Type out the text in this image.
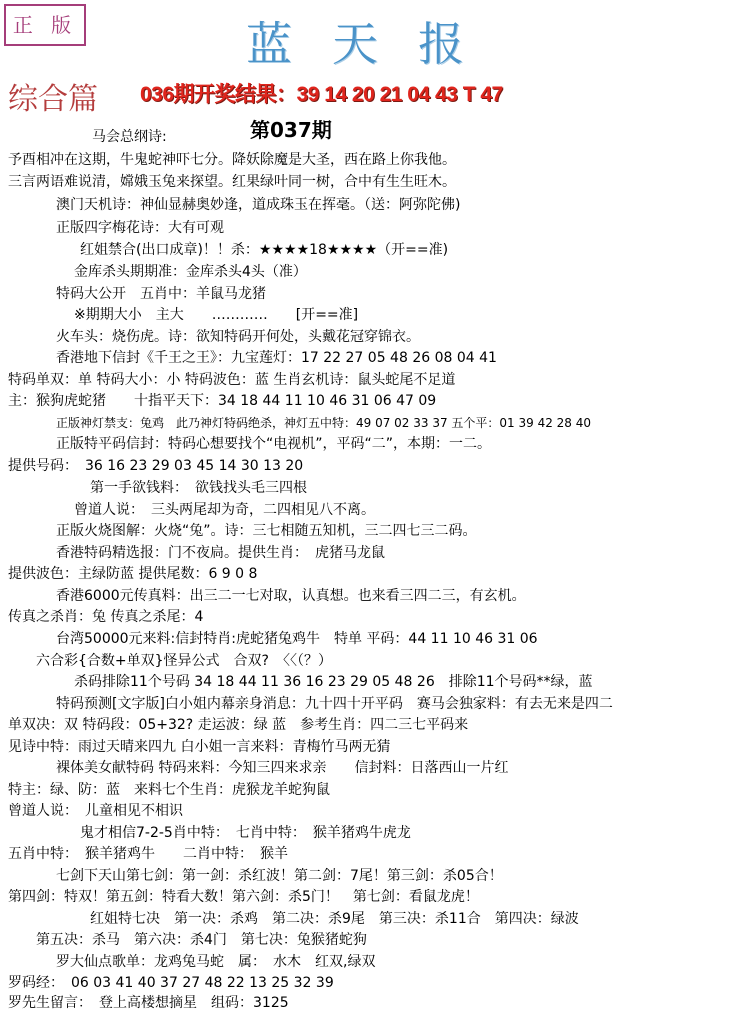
正 版	蓝天报
综合篇 036期开奖结果：39 14 20 21 04 43 T 47
马会总纲诗:	第037期
予酉相冲在这期，牛鬼蛇神吓七分。降妖除魔是大圣，西在路上你我他。
三言两语难说清，嫦娥玉兔来探望。红果绿叶同一树，合中有生生旺木。
澳门天机诗：神仙显赫奥妙逢，道成珠玉在挥毫。（送：阿弥陀佛)
正版四字梅花诗：大有可观
红姐禁合(出口成章)！！杀：★★★★18★★★★（开==准)
金库杀头期期准：金库杀头4头（准）
特码大公开　五肖中：羊鼠马龙猪
※期期大小　主大　　…………　　[开==准]
火车头：烧伤虎。诗：欲知特码开何处，头戴花冠穿锦衣。
香港地下信封《千王之王》：九宝莲灯：17 22 27 05 48 26 08 04 41
特码单双：单 特码大小：小 特码波色：蓝 生肖玄机诗：鼠头蛇尾不足道
主：猴狗虎蛇猪　　十指平天下：34 18 44 11 10 46 31 06 47 09
正版神灯禁支：兔鸡　此乃神灯特码绝杀，神灯五中特：49 07 02 33 37 五个平：01 39 42 28 40
正版特平码信封：特码心想要找个“电视机”，平码“二”，本期：一二。
提供号码：　36 16 23 29 03 45 14 30 13 20
第一手欲钱料：　欲钱找头毛三四根
曾道人说：　三头两尾却为奇，二四相见八不离。
正版火烧图解：火烧“兔”。诗：三七相随五知机，三二四七三二码。
香港特码精选报：门不夜扃。提供生肖：　虎猪马龙鼠
提供波色：主绿防蓝 提供尾数：6 9 0 8
香港6000元传真料：出三二一七对取，认真想。也来看三四二三，有玄机。
传真之杀肖：兔 传真之杀尾：4
台湾50000元来料:信封特肖:虎蛇猪兔鸡牛　特单 平码：44 11 10 46 31 06
六合彩{合数+单双}怪异公式　合双?　〈〈（？）
杀码排除11个号码 34 18 44 11 36 16 23 29 05 48 26　排除11个号码**绿，蓝
特码预测[文字版]白小姐内幕亲身消息：九十四十开平码　赛马会独家料：有去无来是四二
单双决：双 特码段：05+32? 走运波：绿 蓝　参考生肖：四二三七平码来
见诗中特：雨过天晴来四九 白小姐一言来料：青梅竹马两无猜
裸体美女献特码 特码来料：今知三四来求亲　　信封料：日落西山一片红
特主：绿、防：蓝　来料七个生肖：虎猴龙羊蛇狗鼠
曾道人说：　儿童相见不相识
鬼才相信7-2-5肖中特：　七肖中特：　猴羊猪鸡牛虎龙
五肖中特：　猴羊猪鸡牛　　二肖中特：　猴羊
七剑下天山第七剑：第一剑：杀红波！第二剑：7尾！第三剑：杀05合！
第四剑：特双！第五剑：特看大数！第六剑：杀5门！　第七剑：看鼠龙虎！
红姐特七决　第一决：杀鸡　第二决：杀9尾　第三决：杀11合　第四决：绿波
第五决：杀马　第六决：杀4门　第七决：兔猴猪蛇狗
罗大仙点歌单：龙鸡兔马蛇　属：　水木　红双,绿双
罗码经：　06 03 41 40 37 27 48 22 13 25 32 39
罗先生留言：　登上高楼想摘星　组码：3125
